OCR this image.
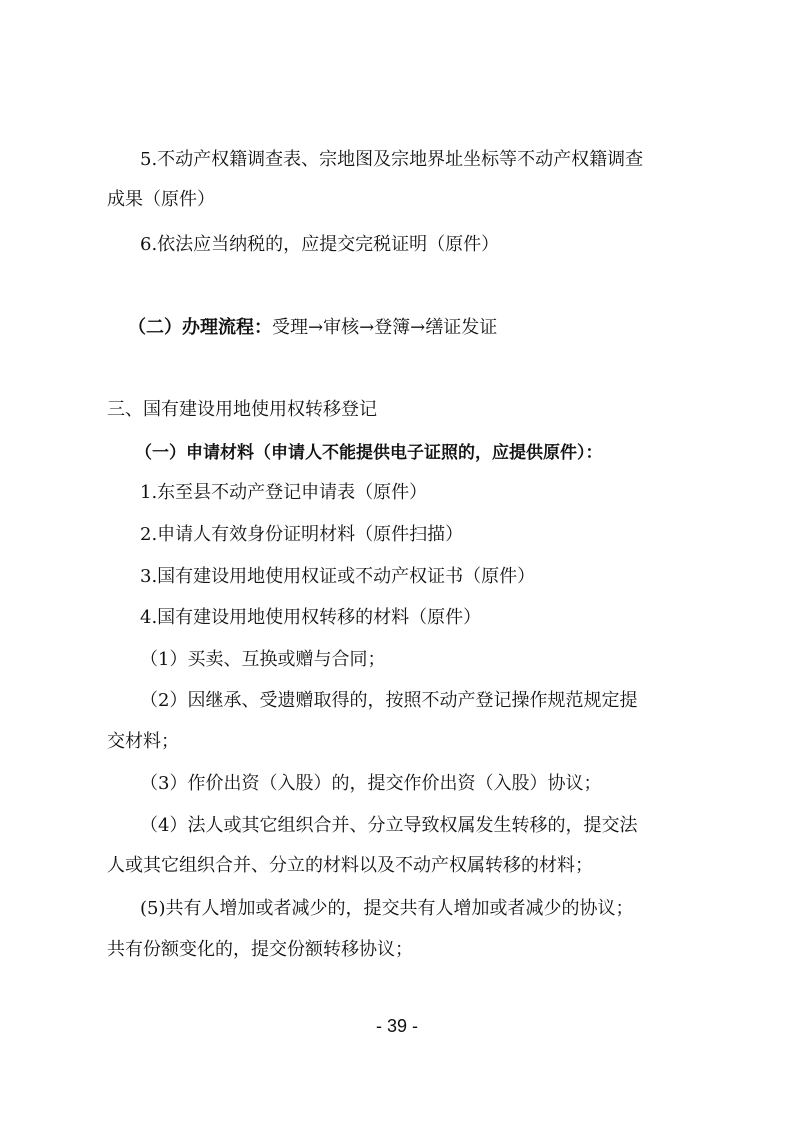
5.不动产权籍调查表、宗地图及宗地界址坐标等不动产权籍调查
成果（原件）
6.依法应当纳税的，应提交完税证明（原件）
（二）办理流程：受理→审核→登簿→缮证发证
三、国有建设用地使用权转移登记
（一）申请材料（申请人不能提供电子证照的，应提供原件）：
1.东至县不动产登记申请表（原件）
2.申请人有效身份证明材料（原件扫描）
3.国有建设用地使用权证或不动产权证书（原件）
4.国有建设用地使用权转移的材料（原件）
（1）买卖、互换或赠与合同；
（2）因继承、受遗赠取得的，按照不动产登记操作规范规定提
交材料；
（3）作价出资（入股）的，提交作价出资（入股）协议；
（4）法人或其它组织合并、分立导致权属发生转移的，提交法
人或其它组织合并、分立的材料以及不动产权属转移的材料；
(5)共有人增加或者减少的，提交共有人增加或者减少的协议；
共有份额变化的，提交份额转移协议；
- 39 -
